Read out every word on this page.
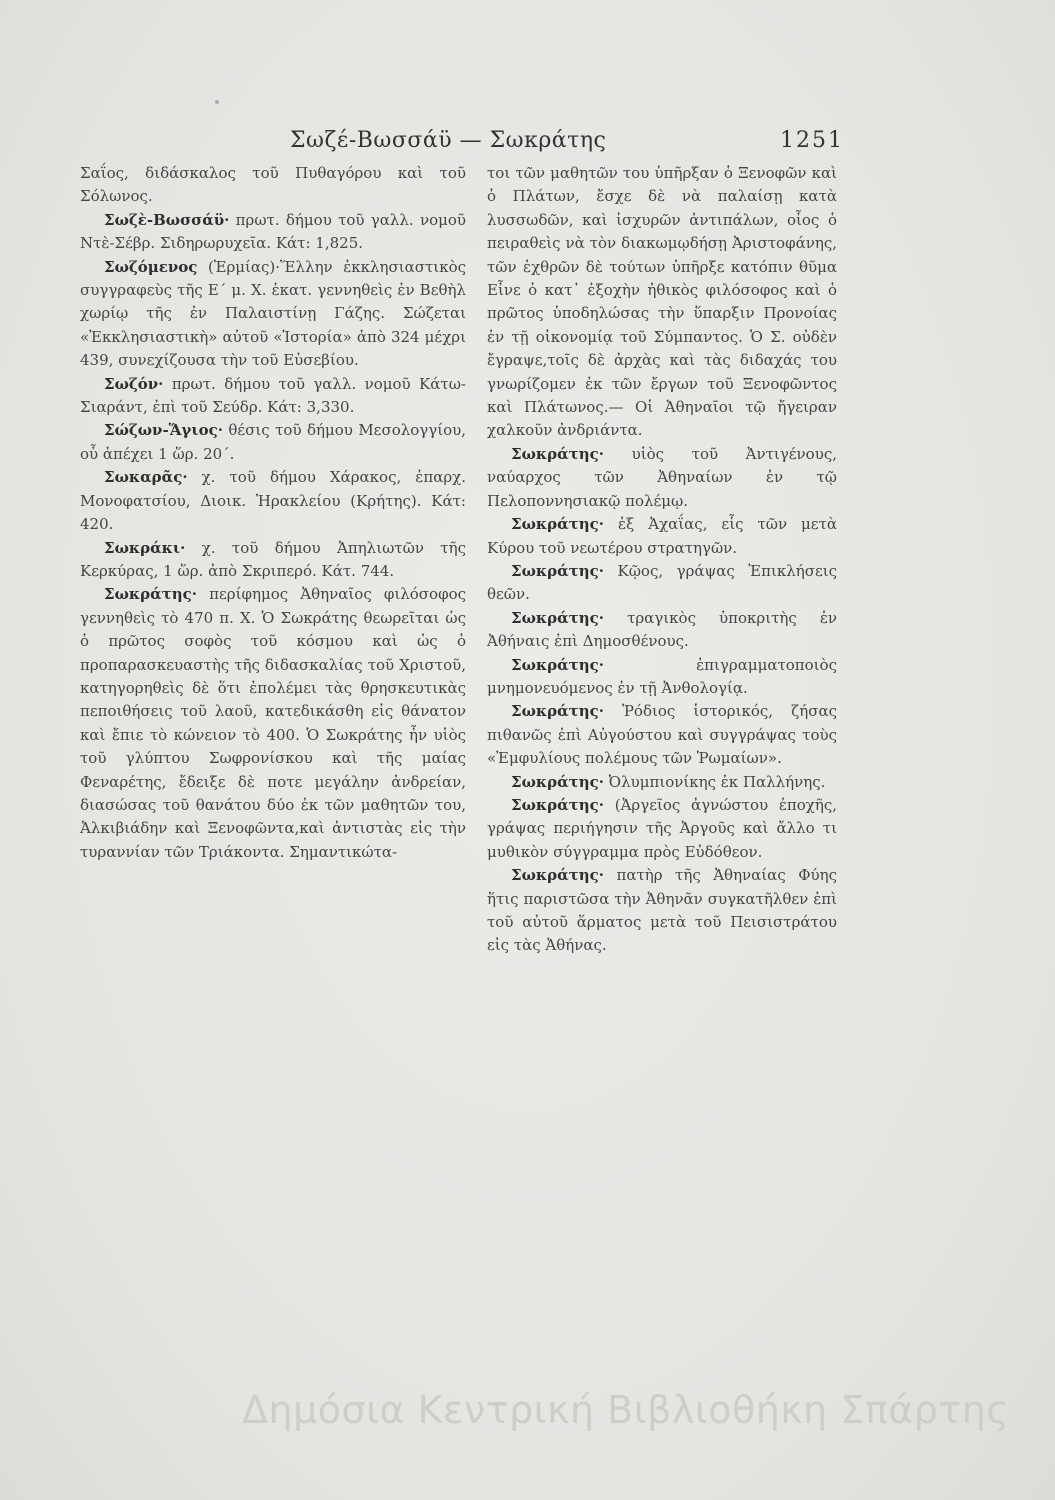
Σωζέ-Βωσσάϋ — Σωκράτης	1251

Σαΐος, διδάσκαλος τοῦ Πυθαγόρου καὶ τοῦ Σόλωνος.

Σωζὲ-Βωσσάϋ· πρωτ. δήμου τοῦ γαλλ. νομοῦ Ντὲ-Σέβρ. Σιδηρωρυχεῖα. Κάτ: 1,825.

Σωζόμενος (Ἑρμίας)·Ἕλλην ἐκκλησιαστικὸς συγγραφεὺς τῆς Ε΄ μ. Χ. ἑκατ. γεννηθεὶς ἐν Βεθὴλ χωρίῳ τῆς ἐν Παλαιστίνῃ Γάζης. Σώζεται «Ἐκκλησιαστικὴ» αὐτοῦ «Ἱστορία» ἀπὸ 324 μέχρι 439, συνεχίζουσα τὴν τοῦ Εὐσεβίου.

Σωζόν· πρωτ. δήμου τοῦ γαλλ. νομοῦ Κάτω-Σιαράντ, ἐπὶ τοῦ Σεύδρ. Κάτ: 3,330.

Σώζων-Ἅγιος· θέσις τοῦ δήμου Μεσολογγίου, οὗ ἀπέχει 1 ὥρ. 20΄.

Σωκαρᾶς· χ. τοῦ δήμου Χάρακος, ἐπαρχ. Μονοφατσίου, Διοικ. Ἡρακλείου (Κρήτης). Κάτ: 420.

Σωκράκι· χ. τοῦ δήμου Ἀπηλιωτῶν τῆς Κερκύρας, 1 ὥρ. ἀπὸ Σκριπερό. Κάτ. 744.

Σωκράτης· περίφημος Ἀθηναῖος φιλόσοφος γεννηθεὶς τὸ 470 π. Χ. Ὁ Σωκράτης θεωρεῖται ὡς ὁ πρῶτος σοφὸς τοῦ κόσμου καὶ ὡς ὁ προπαρασκευαστὴς τῆς διδασκαλίας τοῦ Χριστοῦ, κατηγορηθεὶς δὲ ὅτι ἐπολέμει τὰς θρησκευτικὰς πεποιθήσεις τοῦ λαοῦ, κατεδικάσθη εἰς θάνατον καὶ ἔπιε τὸ κώνειον τὸ 400. Ὁ Σωκράτης ἦν υἱὸς τοῦ γλύπτου Σωφρονίσκου καὶ τῆς μαίας Φεναρέτης, ἔδειξε δὲ ποτε μεγάλην ἀνδρείαν, διασώσας τοῦ θανάτου δύο ἐκ τῶν μαθητῶν του, Ἀλκιβιάδην καὶ Ξενοφῶντα,καὶ ἀντιστὰς εἰς τὴν τυραννίαν τῶν Τριάκοντα. Σημαντικώτα-

τοι τῶν μαθητῶν του ὑπῆρξαν ὁ Ξενοφῶν καὶ ὁ Πλάτων, ἔσχε δὲ νὰ παλαίσῃ κατὰ λυσσωδῶν, καὶ ἰσχυρῶν ἀντιπάλων, οἷος ὁ πειραθεὶς νὰ τὸν διακωμῳδήσῃ Ἀριστοφάνης, τῶν ἐχθρῶν δὲ τούτων ὑπῆρξε κατόπιν θῦμα Εἶνε ὁ κατ᾽ ἐξοχὴν ἠθικὸς φιλόσοφος καὶ ὁ πρῶτος ὑποδηλώσας τὴν ὕπαρξιν Προνοίας ἐν τῇ οἰκονομίᾳ τοῦ Σύμπαντος. Ὁ Σ. οὐδὲν ἔγραψε,τοῖς δὲ ἀρχὰς καὶ τὰς διδαχάς του γνωρίζομεν ἐκ τῶν ἔργων τοῦ Ξενοφῶντος καὶ Πλάτωνος.— Οἱ Ἀθηναῖοι τῷ ἤγειραν χαλκοῦν ἀνδριάντα.

Σωκράτης· υἱὸς τοῦ Ἀντιγένους, ναύαρχος τῶν Ἀθηναίων ἐν τῷ Πελοποννησιακῷ πολέμῳ.

Σωκράτης· ἐξ Ἀχαΐας, εἷς τῶν μετὰ Κύρου τοῦ νεωτέρου στρατηγῶν.

Σωκράτης· Κῷος, γράψας Ἐπικλήσεις θεῶν.

Σωκράτης· τραγικὸς ὑποκριτὴς ἐν Ἀθήναις ἐπὶ Δημοσθένους.

Σωκράτης· ἐπιγραμματοποιὸς μνημονευόμενος ἐν τῇ Ἀνθολογίᾳ.

Σωκράτης· Ῥόδιος ἱστορικός, ζήσας πιθανῶς ἐπὶ Αὐγούστου καὶ συγγράψας τοὺς «Ἐμφυλίους πολέμους τῶν Ῥωμαίων».

Σωκράτης· Ὀλυμπιονίκης ἐκ Παλλήνης.

Σωκράτης· (Ἀργεῖος ἀγνώστου ἐποχῆς, γράψας περιήγησιν τῆς Ἀργοῦς καὶ ἄλλο τι μυθικὸν σύγγραμμα πρὸς Εὐδόθεον.

Σωκράτης· πατὴρ τῆς Ἀθηναίας Φύης ἥτις παριστῶσα τὴν Ἀθηνᾶν συγκατῆλθεν ἐπὶ τοῦ αὐτοῦ ἅρματος μετὰ τοῦ Πεισιστράτου εἰς τὰς Ἀθήνας.

Δημόσια Κεντρική Βιβλιοθήκη Σπάρτης
